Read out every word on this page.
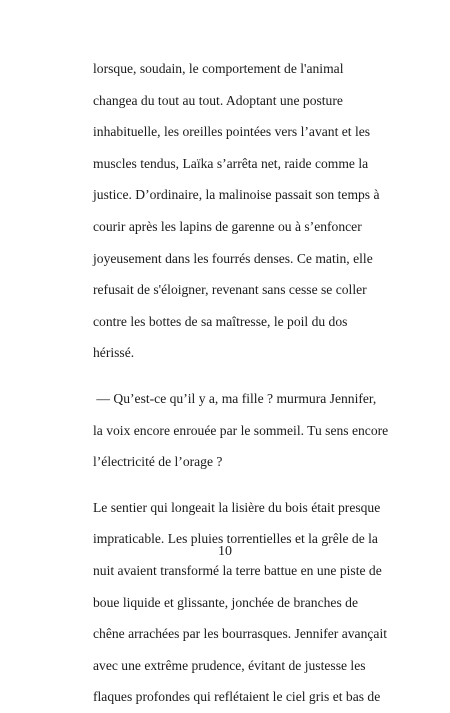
lorsque, soudain, le comportement de l'animal
changea du tout au tout. Adoptant une posture
inhabituelle, les oreilles pointées vers l’avant et les
muscles tendus, Laïka s’arrêta net, raide comme la
justice. D’ordinaire, la malinoise passait son temps à
courir après les lapins de garenne ou à s’enfoncer
joyeusement dans les fourrés denses. Ce matin, elle
refusait de s'éloigner, revenant sans cesse se coller
contre les bottes de sa maîtresse, le poil du dos
hérissé.

— Qu’est-ce qu’il y a, ma fille ? murmura Jennifer,
la voix encore enrouée par le sommeil. Tu sens encore
l’électricité de l’orage ?

Le sentier qui longeait la lisière du bois était presque
impraticable. Les pluies torrentielles et la grêle de la
nuit avaient transformé la terre battue en une piste de
boue liquide et glissante, jonchée de branches de
chêne arrachées par les bourrasques. Jennifer avançait
avec une extrême prudence, évitant de justesse les
flaques profondes qui reflétaient le ciel gris et bas de

10
